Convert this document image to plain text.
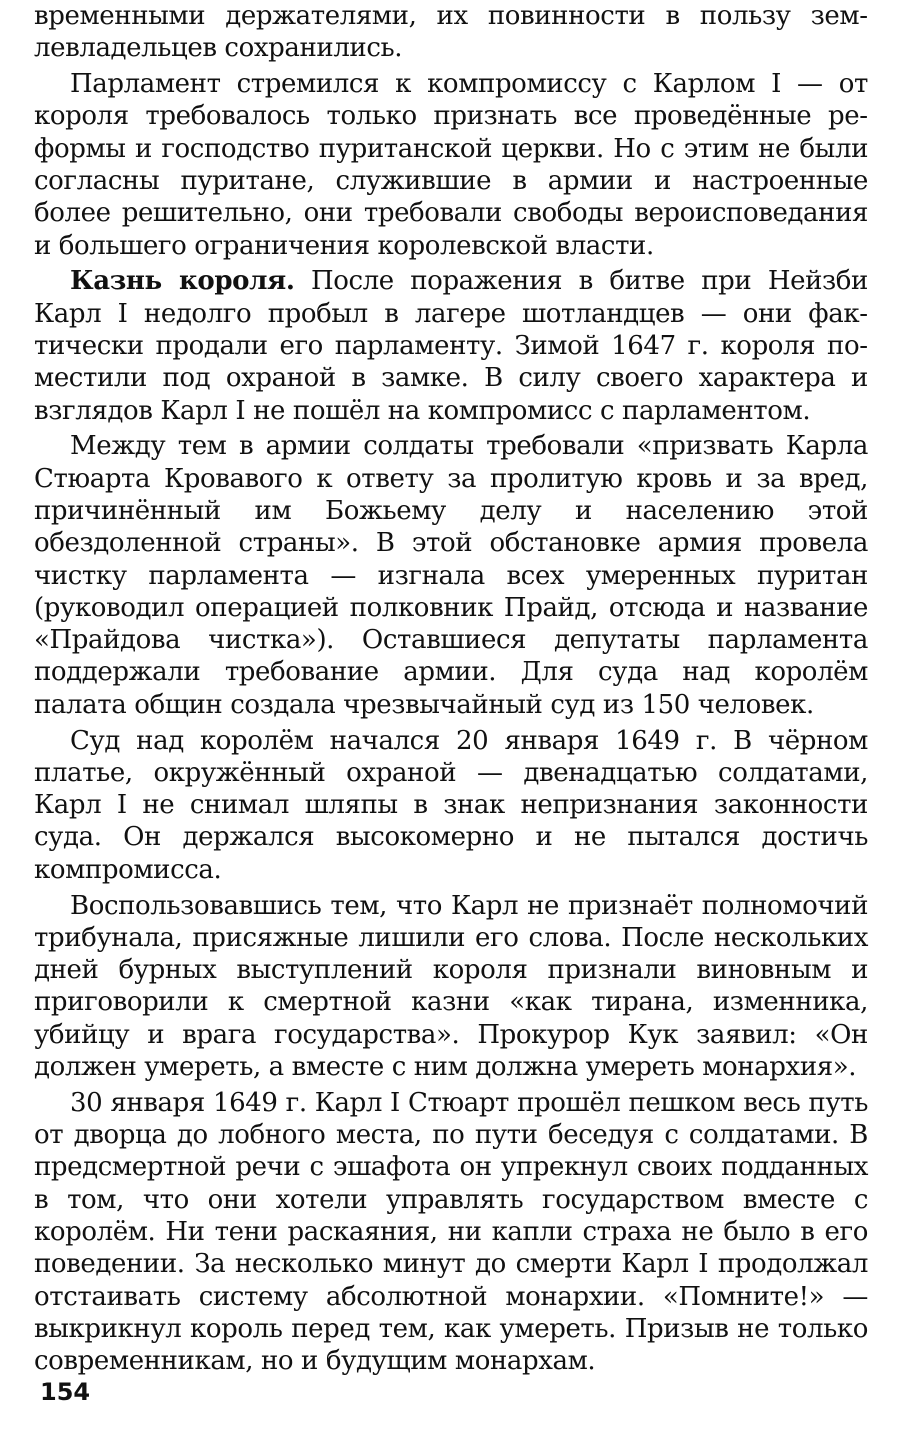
временными держателями, их повинности в пользу землевладельцев сохранились.

Парламент стремился к компромиссу с Карлом I — от короля требовалось только признать все проведённые реформы и господство пуританской церкви. Но с этим не были согласны пуритане, служившие в армии и настроенные более решительно, они требовали свободы вероисповедания и большего ограничения королевской власти.

Казнь короля. После поражения в битве при Нейзби Карл I недолго пробыл в лагере шотландцев — они фактически продали его парламенту. Зимой 1647 г. короля поместили под охраной в замке. В силу своего характера и взглядов Карл I не пошёл на компромисс с парламентом.

Между тем в армии солдаты требовали «призвать Карла Стюарта Кровавого к ответу за пролитую кровь и за вред, причинённый им Божьему делу и населению этой обездоленной страны». В этой обстановке армия провела чистку парламента — изгнала всех умеренных пуритан (руководил операцией полковник Прайд, отсюда и название «Прайдова чистка»). Оставшиеся депутаты парламента поддержали требование армии. Для суда над королём палата общин создала чрезвычайный суд из 150 человек.

Суд над королём начался 20 января 1649 г. В чёрном платье, окружённый охраной — двенадцатью солдатами, Карл I не снимал шляпы в знак непризнания законности суда. Он держался высокомерно и не пытался достичь компромисса.

Воспользовавшись тем, что Карл не признаёт полномочий трибунала, присяжные лишили его слова. После нескольких дней бурных выступлений короля признали виновным и приговорили к смертной казни «как тирана, изменника, убийцу и врага государства». Прокурор Кук заявил: «Он должен умереть, а вместе с ним должна умереть монархия».

30 января 1649 г. Карл I Стюарт прошёл пешком весь путь от дворца до лобного места, по пути беседуя с солдатами. В предсмертной речи с эшафота он упрекнул своих подданных в том, что они хотели управлять государством вместе с королём. Ни тени раскаяния, ни капли страха не было в его поведении. За несколько минут до смерти Карл I продолжал отстаивать систему абсолютной монархии. «Помните!» — выкрикнул король перед тем, как умереть. Призыв не только современникам, но и будущим монархам.

154
